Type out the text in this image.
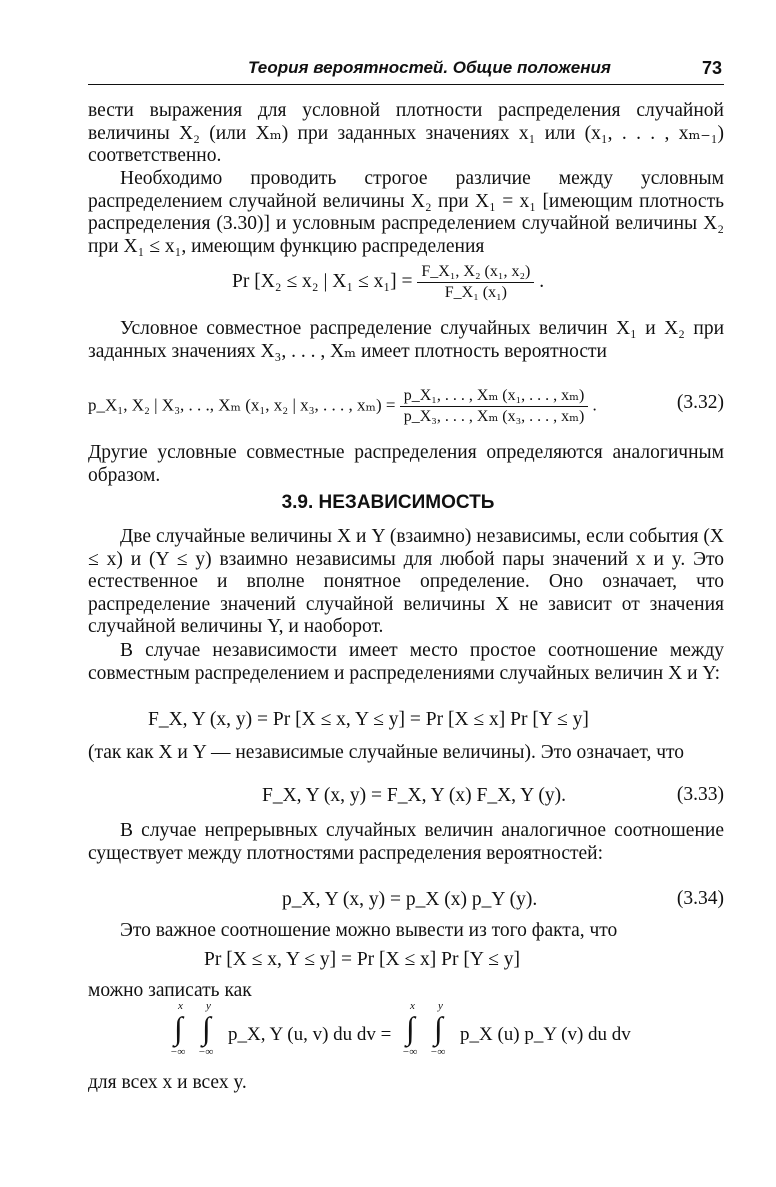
Теория вероятностей. Общие положения	73

вести выражения для условной плотности распределения случайной величины X₂ (или Xₘ) при заданных значениях x₁ или (x₁, . . . , xₘ₋₁) соответственно.

Необходимо проводить строгое различие между условным распределением случайной величины X₂ при X₁ = x₁ [имеющим плотность распределения (3.30)] и условным распределением случайной величины X₂ при X₁ ≤ x₁, имеющим функцию распределения

Pr [X₂ ≤ x₂ | $X_1 \le x_1] = \frac{\text{F\_X₁, X₂ (x₁, x₂)}}{\text{F\_X₁ (x₁)}}$ .

Условное совместное распределение случайных величин X₁ и X₂ при заданных значениях X₃, . . . , Xₘ имеет плотность вероятности

p_X₁, X₂ | X₃, . . ., Xₘ (x₁, x₂ | x₃, . . . , $x_m) = \frac{\text{p\_X₁, . . . , Xₘ (x₁, . . . , xₘ)}}{\text{p\_X₃, . . . , Xₘ (x₃, . . . , xₘ)}}$ .	(3.32)

Другие условные совместные распределения определяются аналогичным образом.

3.9. НЕЗАВИСИМОСТЬ

Две случайные величины X и Y (взаимно) независимы, если события (X ≤ x) и (Y ≤ y) взаимно независимы для любой пары значений x и y. Это естественное и вполне понятное определение. Оно означает, что распределение значений случайной величины X не зависит от значения случайной величины Y, и наоборот.

В случае независимости имеет место простое соотношение между совместным распределением и распределениями случайных величин X и Y:

F_X, Y (x, y) = Pr [X ≤ x, Y ≤ y] = Pr [X ≤ x] Pr [Y ≤ y]

(так как X и Y — независимые случайные величины). Это означает, что

F_X, Y (x, y) = F_X, Y (x) F_X, Y (y).	(3.33)

В случае непрерывных случайных величин аналогичное соотношение существует между плотностями распределения вероятностей:

p_X, Y (x, y) = p_X (x) p_Y (y).	(3.34)

Это важное соотношение можно вывести из того факта, что

Pr [X ≤ x, Y ≤ y] = Pr [X ≤ x] Pr [Y ≤ y]

можно записать как

x
∫
−∞
y
∫
−∞
p_X, Y (u, v) du dv =
x
∫
−∞
y
∫
−∞
p_X (u) p_Y (v) du dv

для всех x и всех y.
